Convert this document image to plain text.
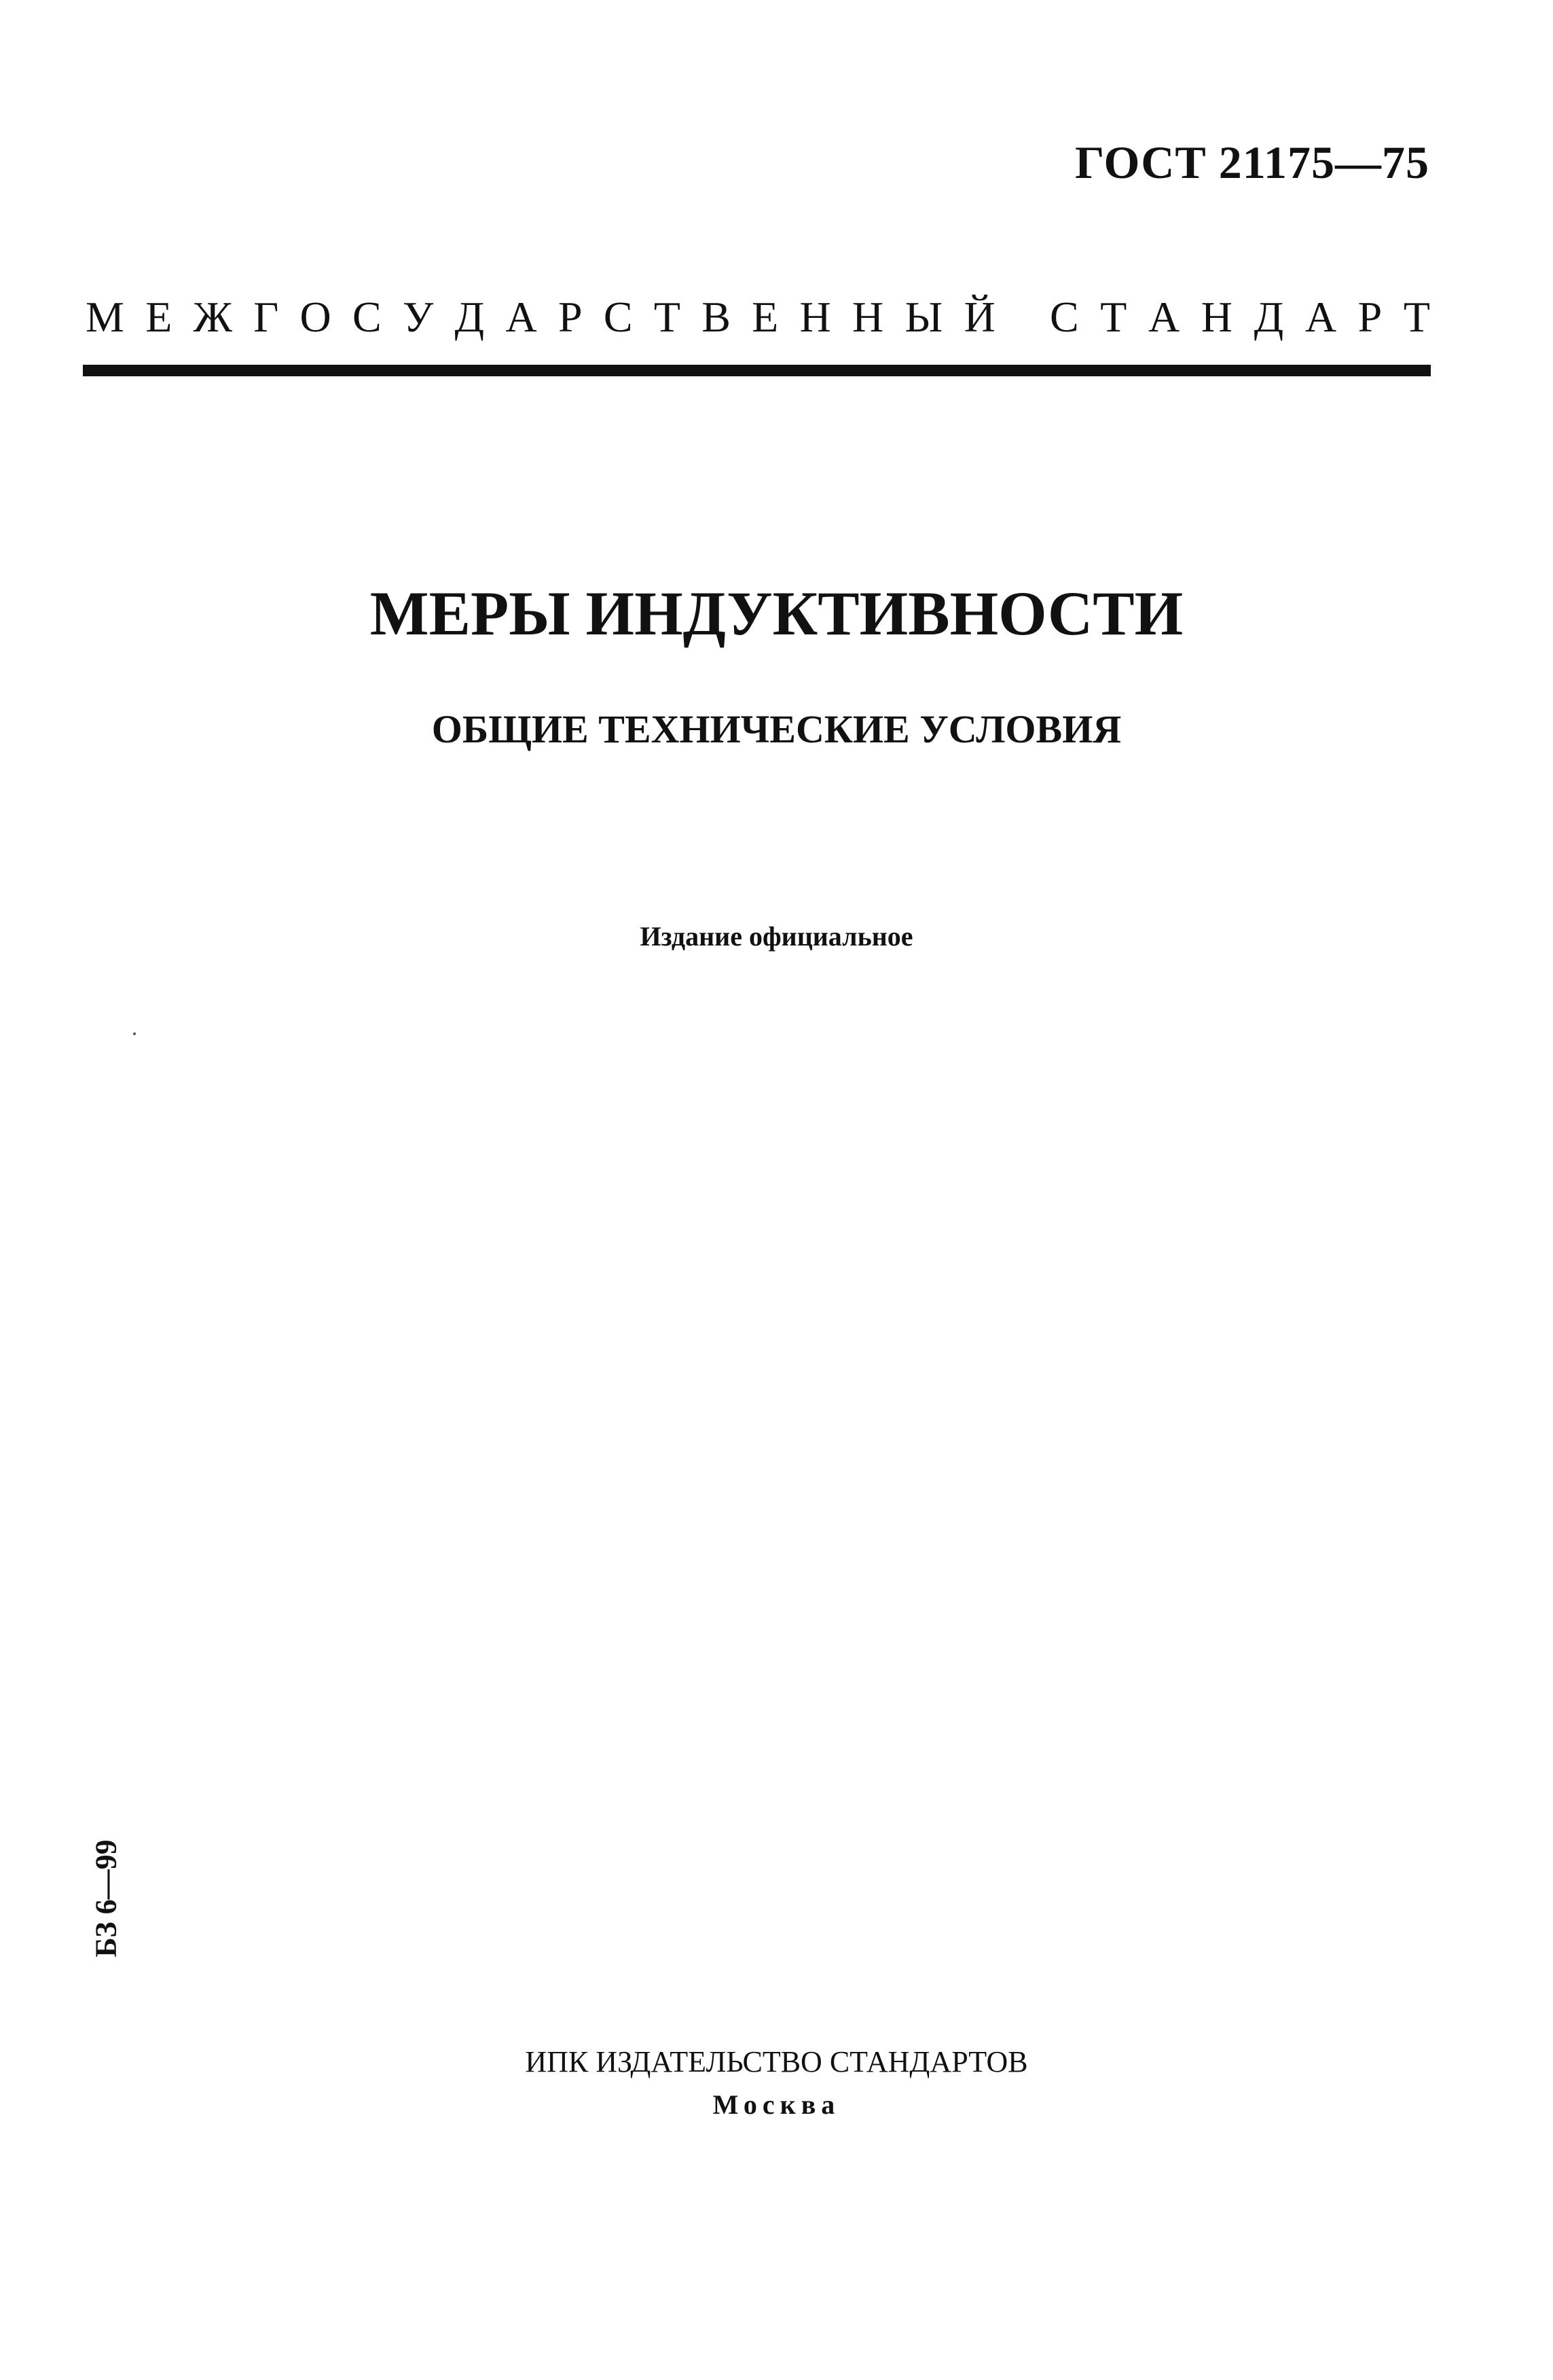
ГОСТ 21175—75
М Е Ж Г О С У Д А Р С Т В Е Н Н Ы Й С Т А Н Д А Р Т
МЕРЫ ИНДУКТИВНОСТИ
ОБЩИЕ ТЕХНИЧЕСКИЕ УСЛОВИЯ
Издание официальное
БЗ 6—99
ИПК ИЗДАТЕЛЬСТВО СТАНДАРТОВ
Москва
